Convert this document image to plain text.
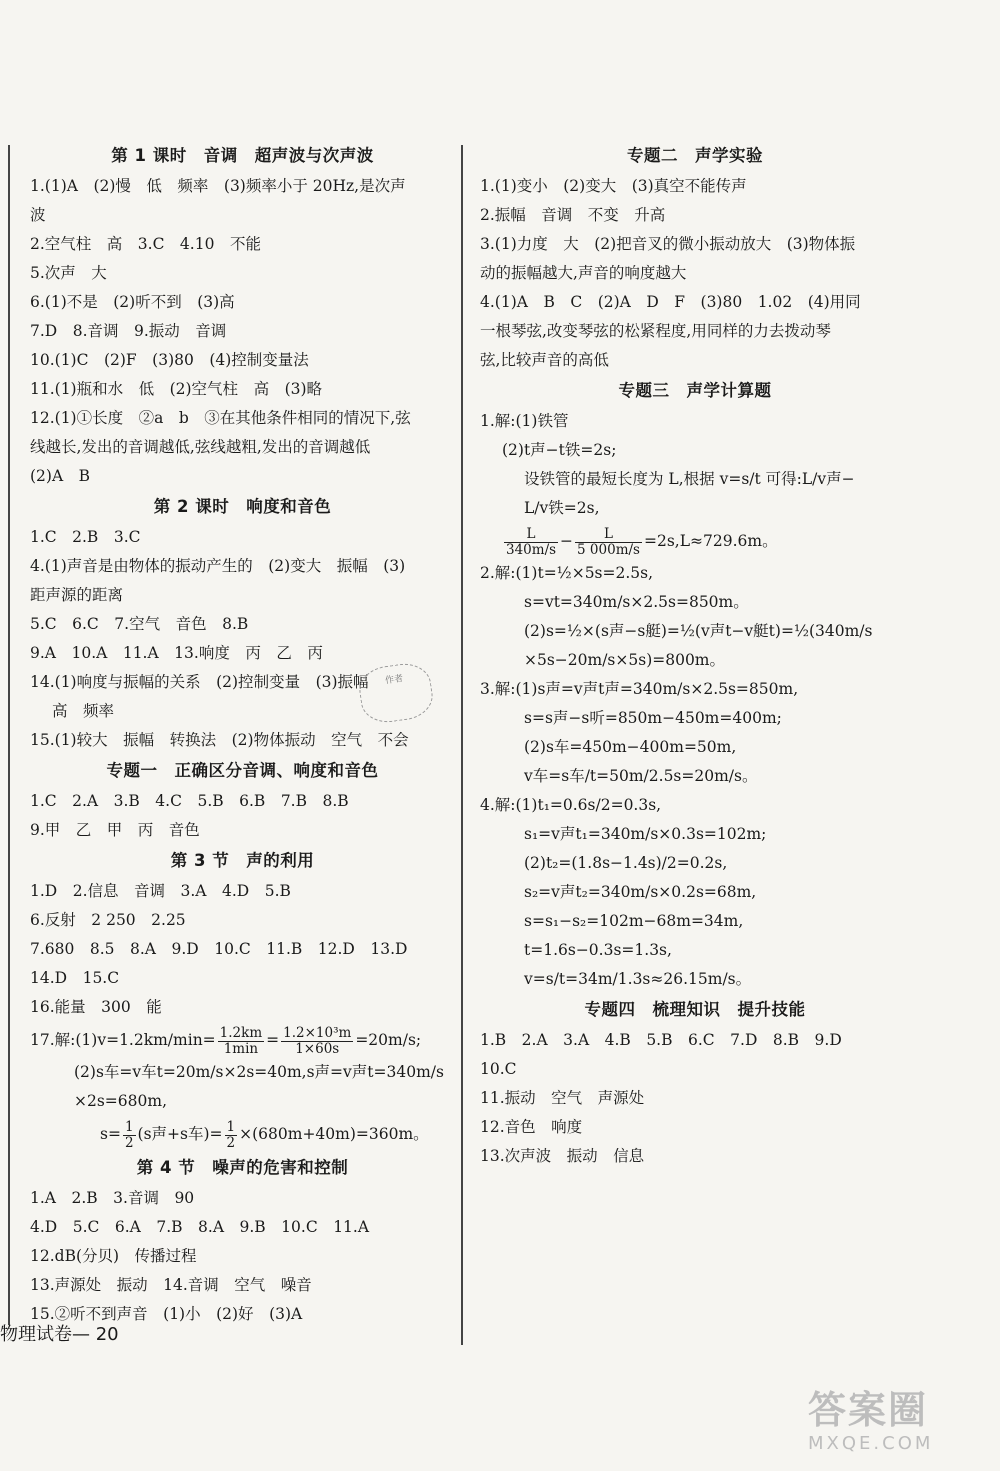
第 1 课时　音调　超声波与次声波
1.(1)A　(2)慢　低　频率　(3)频率小于 20Hz,是次声
波
2.空气柱　高　3.C　4.10　不能
5.次声　大
6.(1)不是　(2)听不到　(3)高
7.D　8.音调　9.振动　音调
10.(1)C　(2)F　(3)80　(4)控制变量法
11.(1)瓶和水　低　(2)空气柱　高　(3)略
12.(1)①长度　②a　b　③在其他条件相同的情况下,弦
线越长,发出的音调越低,弦线越粗,发出的音调越低
(2)A　B
第 2 课时　响度和音色
1.C　2.B　3.C
4.(1)声音是由物体的振动产生的　(2)变大　振幅　(3)
距声源的距离
5.C　6.C　7.空气　音色　8.B
9.A　10.A　11.A　13.响度　丙　乙　丙
14.(1)响度与振幅的关系　(2)控制变量　(3)振幅
高　频率
15.(1)较大　振幅　转换法　(2)物体振动　空气　不会
专题一　正确区分音调、响度和音色
1.C　2.A　3.B　4.C　5.B　6.B　7.B　8.B
9.甲　乙　甲　丙　音色
第 3 节　声的利用
1.D　2.信息　音调　3.A　4.D　5.B
6.反射　2 250　2.25
7.680　8.5　8.A　9.D　10.C　11.B　12.D　13.D
14.D　15.C
16.能量　300　能
17.解:(1)v=1.2km/min= $\frac{1.2km}{1\min} = \frac{\text{1.2×10³m}}{1\times 60s} =20m/s$;
(2)s车=v车t=20m/s×2s=40m,s声=v声t=340m/s
×2s=680m,
$s= \frac{1}{2} (s$声+s车)= $\frac{1}{2} \times(680m+40m)=360m$。
第 4 节　噪声的危害和控制
1.A　2.B　3.音调　90
4.D　5.C　6.A　7.B　8.A　9.B　10.C　11.A
12.dB(分贝)　传播过程
13.声源处　振动　14.音调　空气　噪音
15.②听不到声音　(1)小　(2)好　(3)A
专题二　声学实验
1.(1)变小　(2)变大　(3)真空不能传声
2.振幅　音调　不变　升高
3.(1)力度　大　(2)把音叉的微小振动放大　(3)物体振
动的振幅越大,声音的响度越大
4.(1)A　B　C　(2)A　D　F　(3)80　1.02　(4)用同
一根琴弦,改变琴弦的松紧程度,用同样的力去拨动琴
弦,比较声音的高低
专题三　声学计算题
1.解:(1)铁管
(2)t声−t铁=2s;
设铁管的最短长度为 L,根据 v=s/t 可得:L/v声−
L/v铁=2s,
$\frac{L}{340m/s} - \frac{L}{5 000m/s} =2s,L\approx 729.6m$。
2.解:(1)t=½×5s=2.5s,
s=vt=340m/s×2.5s=850m。
(2)s=½×(s声−s艇)=½(v声t−v艇t)=½(340m/s
×5s−20m/s×5s)=800m。
3.解:(1)s声=v声t声=340m/s×2.5s=850m,
s=s声−s听=850m−450m=400m;
(2)s车=450m−400m=50m,
v车=s车/t=50m/2.5s=20m/s。
4.解:(1)t₁=0.6s/2=0.3s,
s₁=v声t₁=340m/s×0.3s=102m;
(2)t₂=(1.8s−1.4s)/2=0.2s,
s₂=v声t₂=340m/s×0.2s=68m,
s=s₁−s₂=102m−68m=34m,
t=1.6s−0.3s=1.3s,
v=s/t=34m/1.3s≈26.15m/s。
专题四　梳理知识　提升技能
1.B　2.A　3.A　4.B　5.B　6.C　7.D　8.B　9.D
10.C
11.振动　空气　声源处
12.音色　响度
13.次声波　振动　信息
作者
物理试卷— 20
答案圈
MXQE.COM
